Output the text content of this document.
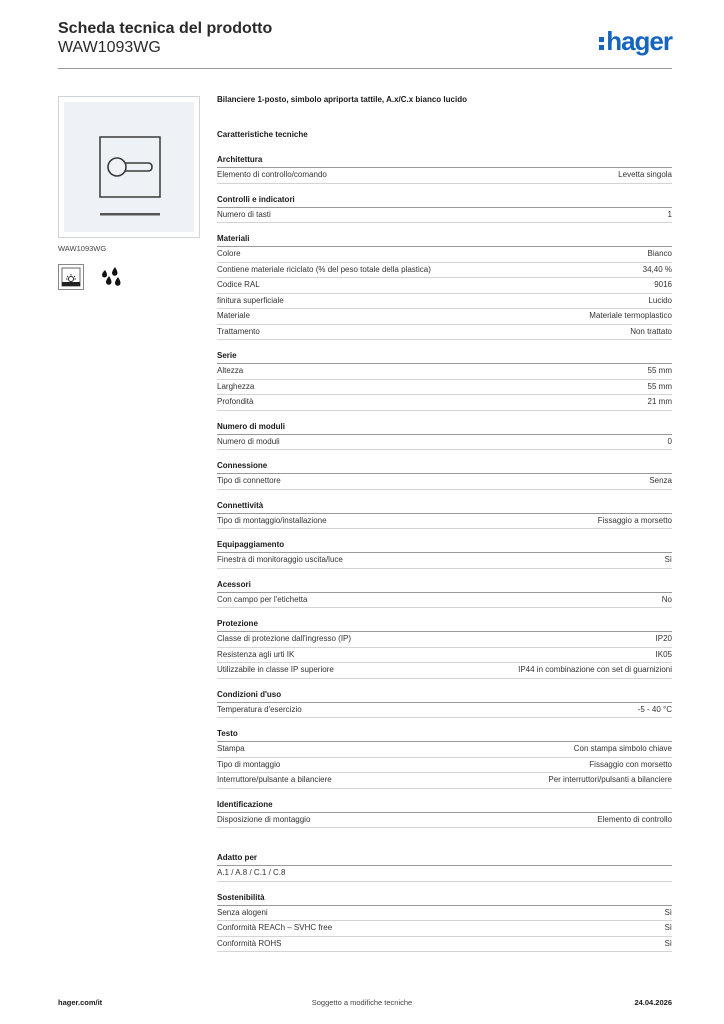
Scheda tecnica del prodotto
WAW1093WG	hager
WAW1093WG
Bilanciere 1-posto, simbolo apriporta tattile, A.x/C.x bianco lucido
Caratteristiche tecniche
Architettura
Elemento di controllo/comando	Levetta singola
Controlli e indicatori
Numero di tasti	1
Materiali
Colore	Bianco
Contiene materiale riciclato (% del peso totale della plastica)	34,40 %
Codice RAL	9016
finitura superficiale	Lucido
Materiale	Materiale termoplastico
Trattamento	Non trattato
Serie
Altezza	55 mm
Larghezza	55 mm
Profondità	21 mm
Numero di moduli
Numero di moduli	0
Connessione
Tipo di connettore	Senza
Connettività
Tipo di montaggio/installazione	Fissaggio a morsetto
Equipaggiamento
Finestra di monitoraggio uscita/luce	Sì
Acessori
Con campo per l'etichetta	No
Protezione
Classe di protezione dall'ingresso (IP)	IP20
Resistenza agli urti IK	IK05
Utilizzabile in classe IP superiore	IP44 in combinazione con set di guarnizioni
Condizioni d'uso
Temperatura d'esercizio	-5 - 40 °C
Testo
Stampa	Con stampa simbolo chiave
Tipo di montaggio	Fissaggio con morsetto
Interruttore/pulsante a bilanciere	Per interruttori/pulsanti a bilanciere
Identificazione
Disposizione di montaggio	Elemento di controllo
Adatto per
A.1 / A.8 / C.1 / C.8
Sostenibilità
Senza alogeni	Sì
Conformità REACh – SVHC free	Sì
Conformità ROHS	Sì
hager.com/it	Soggetto a modifiche tecniche	24.04.2026
